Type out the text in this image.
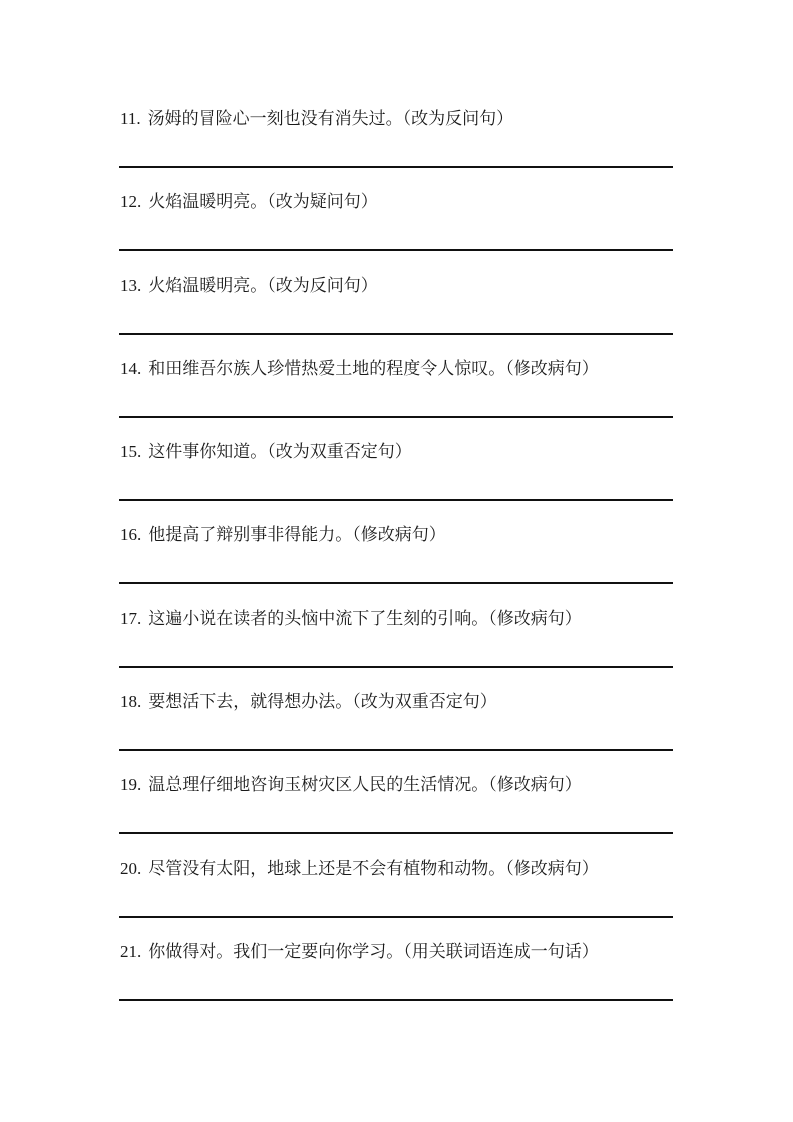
11. 汤姆的冒险心一刻也没有消失过。（改为反问句）

12. 火焰温暖明亮。（改为疑问句）

13. 火焰温暖明亮。（改为反问句）

14. 和田维吾尔族人珍惜热爱土地的程度令人惊叹。（修改病句）

15. 这件事你知道。（改为双重否定句）

16. 他提高了辩别事非得能力。（修改病句）

17. 这遍小说在读者的头恼中流下了生刻的引响。（修改病句）

18. 要想活下去，就得想办法。（改为双重否定句）

19. 温总理仔细地咨询玉树灾区人民的生活情况。（修改病句）

20. 尽管没有太阳，地球上还是不会有植物和动物。（修改病句）

21. 你做得对。我们一定要向你学习。（用关联词语连成一句话）
